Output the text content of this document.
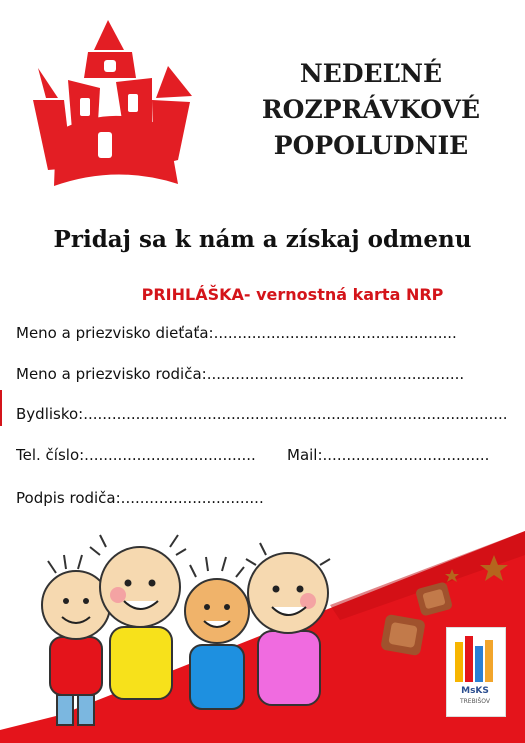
NEDEĽNÉ
ROZPRÁVKOVÉ
POPOLUDNIE
Pridaj sa k nám a získaj odmenu
PRIHLÁŠKA- vernostná karta NRP
Meno a priezvisko dieťaťa:...................................................
Meno a priezvisko rodiča:......................................................
Bydlisko:.........................................................................................
Tel. číslo:.................................... Mail:...................................
Podpis rodiča:..............................
MsKS
TREBIŠOV
